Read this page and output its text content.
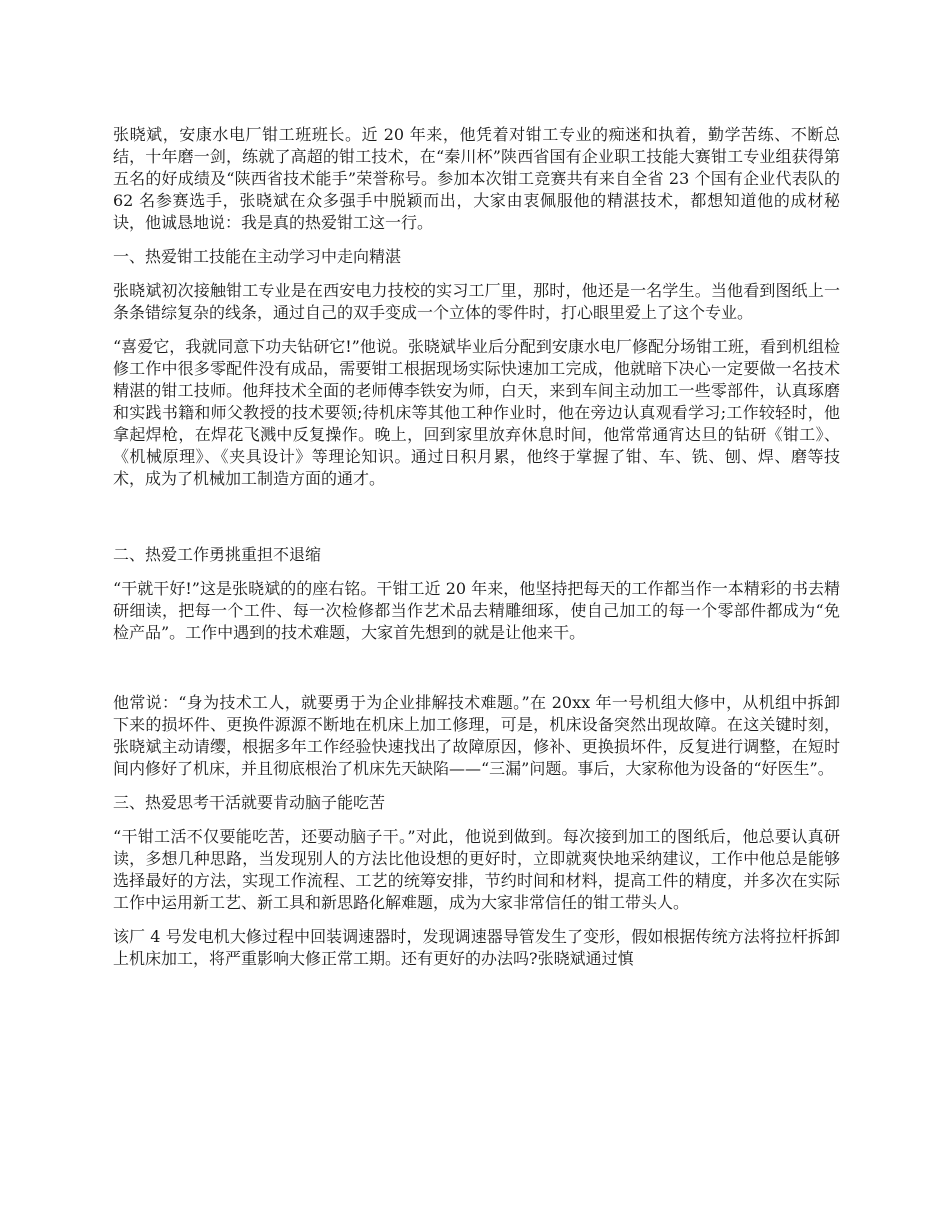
张晓斌，安康水电厂钳工班班长。近 20 年来，他凭着对钳工专业的痴迷和执着，勤学苦练、不断总结，十年磨一剑，练就了高超的钳工技术，在“秦川杯”陕西省国有企业职工技能大赛钳工专业组获得第五名的好成绩及“陕西省技术能手”荣誉称号。参加本次钳工竞赛共有来自全省 23 个国有企业代表队的 62 名参赛选手，张晓斌在众多强手中脱颖而出，大家由衷佩服他的精湛技术，都想知道他的成材秘诀，他诚恳地说：我是真的热爱钳工这一行。

一、热爱钳工技能在主动学习中走向精湛

张晓斌初次接触钳工专业是在西安电力技校的实习工厂里，那时，他还是一名学生。当他看到图纸上一条条错综复杂的线条，通过自己的双手变成一个立体的零件时，打心眼里爱上了这个专业。

“喜爱它，我就同意下功夫钻研它!”他说。张晓斌毕业后分配到安康水电厂修配分场钳工班，看到机组检修工作中很多零配件没有成品，需要钳工根据现场实际快速加工完成，他就暗下决心一定要做一名技术精湛的钳工技师。他拜技术全面的老师傅李铁安为师，白天，来到车间主动加工一些零部件，认真琢磨和实践书籍和师父教授的技术要领;待机床等其他工种作业时，他在旁边认真观看学习;工作较轻时，他拿起焊枪，在焊花飞溅中反复操作。晚上，回到家里放弃休息时间，他常常通宵达旦的钻研《钳工》、《机械原理》、《夹具设计》等理论知识。通过日积月累，他终于掌握了钳、车、铣、刨、焊、磨等技术，成为了机械加工制造方面的通才。

二、热爱工作勇挑重担不退缩

“干就干好!”这是张晓斌的的座右铭。干钳工近 20 年来，他坚持把每天的工作都当作一本精彩的书去精研细读，把每一个工件、每一次检修都当作艺术品去精雕细琢，使自己加工的每一个零部件都成为“免检产品”。工作中遇到的技术难题，大家首先想到的就是让他来干。

他常说：“身为技术工人，就要勇于为企业排解技术难题。”在 20xx 年一号机组大修中，从机组中拆卸下来的损坏件、更换件源源不断地在机床上加工修理，可是，机床设备突然出现故障。在这关键时刻，张晓斌主动请缨，根据多年工作经验快速找出了故障原因，修补、更换损坏件，反复进行调整，在短时间内修好了机床，并且彻底根治了机床先天缺陷——“三漏”问题。事后，大家称他为设备的“好医生”。

三、热爱思考干活就要肯动脑子能吃苦

“干钳工活不仅要能吃苦，还要动脑子干。”对此，他说到做到。每次接到加工的图纸后，他总要认真研读，多想几种思路，当发现别人的方法比他设想的更好时，立即就爽快地采纳建议，工作中他总是能够选择最好的方法，实现工作流程、工艺的统筹安排，节约时间和材料，提高工件的精度，并多次在实际工作中运用新工艺、新工具和新思路化解难题，成为大家非常信任的钳工带头人。

该厂 4 号发电机大修过程中回装调速器时，发现调速器导管发生了变形，假如根据传统方法将拉杆拆卸上机床加工，将严重影响大修正常工期。还有更好的办法吗?张晓斌通过慎
